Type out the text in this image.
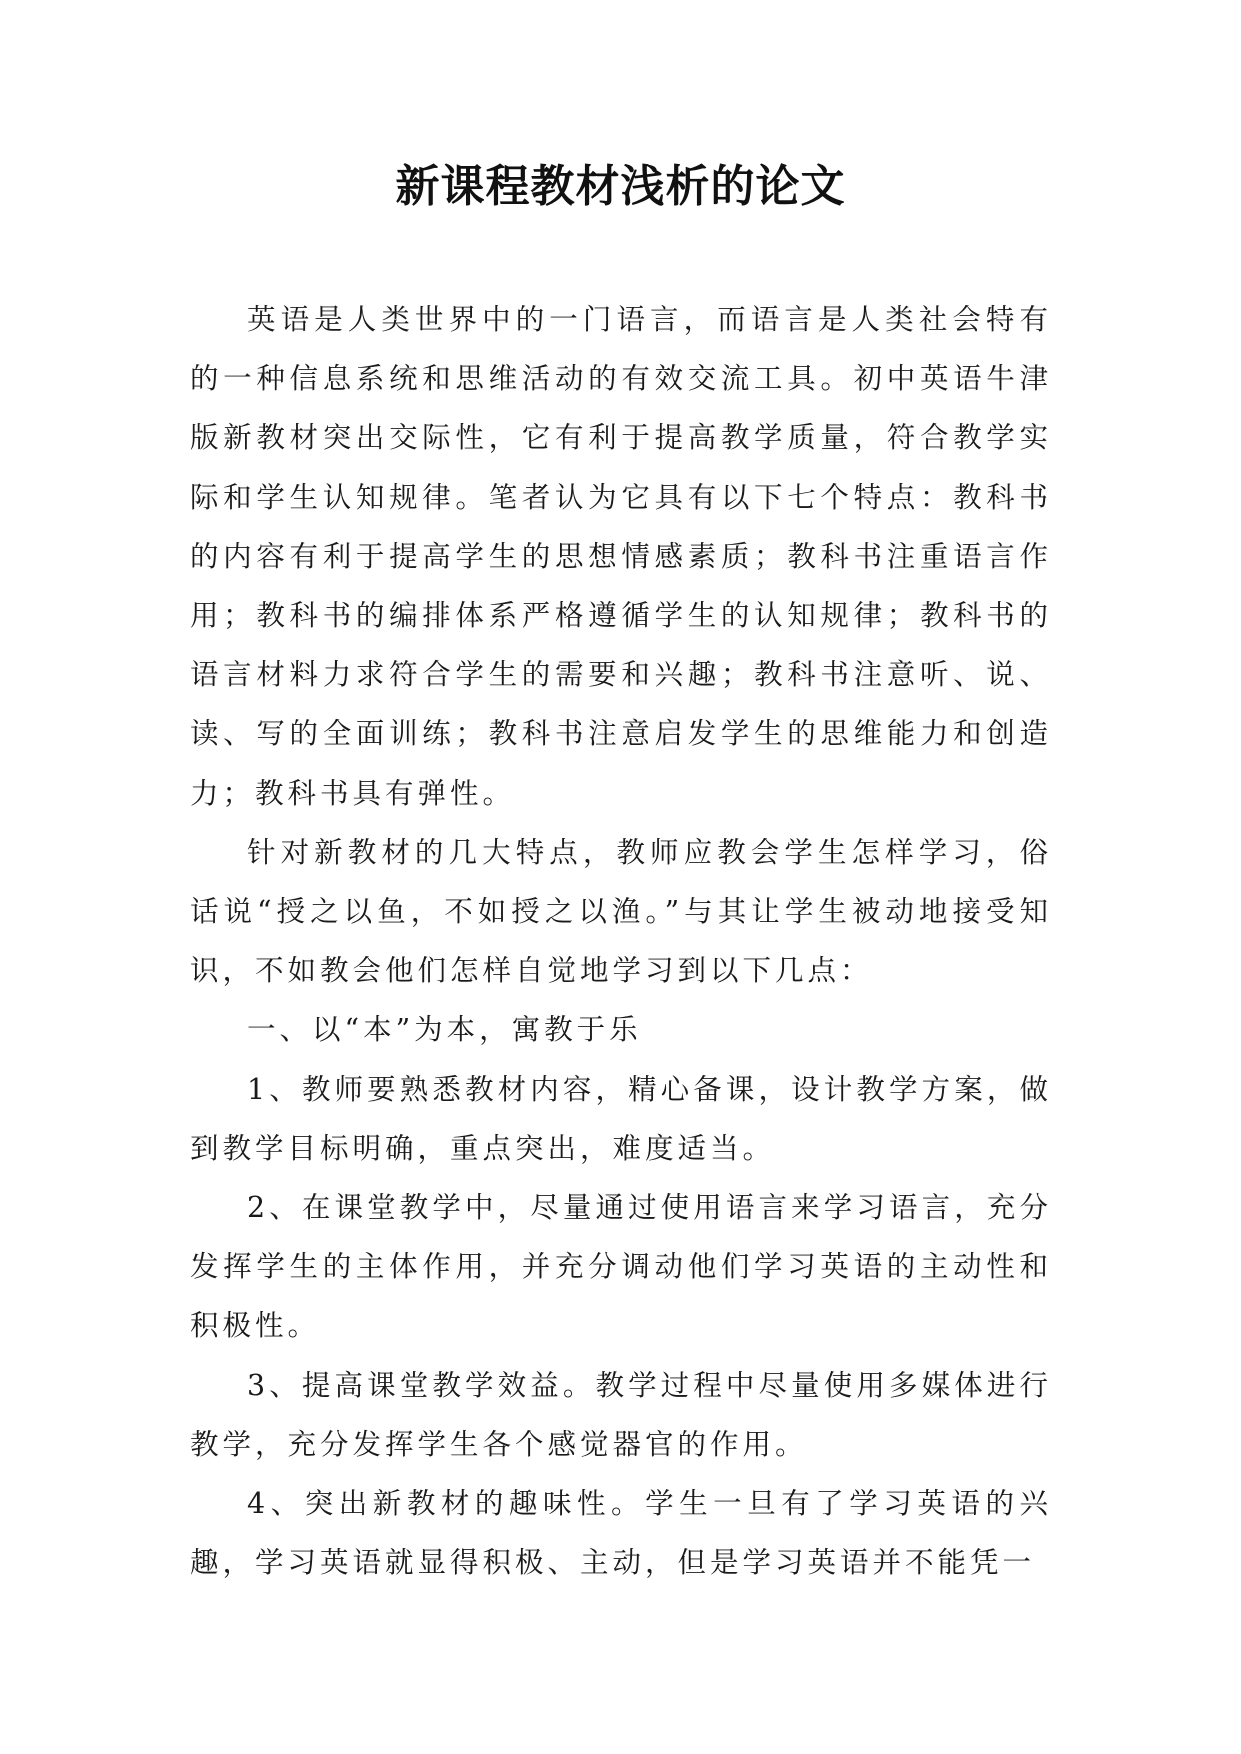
新课程教材浅析的论文

英语是人类世界中的一门语言，而语言是人类社会特有的一种信息系统和思维活动的有效交流工具。初中英语牛津版新教材突出交际性，它有利于提高教学质量，符合教学实际和学生认知规律。笔者认为它具有以下七个特点：教科书的内容有利于提高学生的思想情感素质；教科书注重语言作用；教科书的编排体系严格遵循学生的认知规律；教科书的语言材料力求符合学生的需要和兴趣；教科书注意听、说、读、写的全面训练；教科书注意启发学生的思维能力和创造力；教科书具有弹性。

针对新教材的几大特点，教师应教会学生怎样学习，俗话说“授之以鱼，不如授之以渔。”与其让学生被动地接受知识，不如教会他们怎样自觉地学习到以下几点：

一、以“本”为本，寓教于乐

1、教师要熟悉教材内容，精心备课，设计教学方案，做到教学目标明确，重点突出，难度适当。

2、在课堂教学中，尽量通过使用语言来学习语言，充分发挥学生的主体作用，并充分调动他们学习英语的主动性和积极性。

3、提高课堂教学效益。教学过程中尽量使用多媒体进行教学，充分发挥学生各个感觉器官的作用。

4、突出新教材的趣味性。学生一旦有了学习英语的兴趣，学习英语就显得积极、主动，但是学习英语并不能凭一
